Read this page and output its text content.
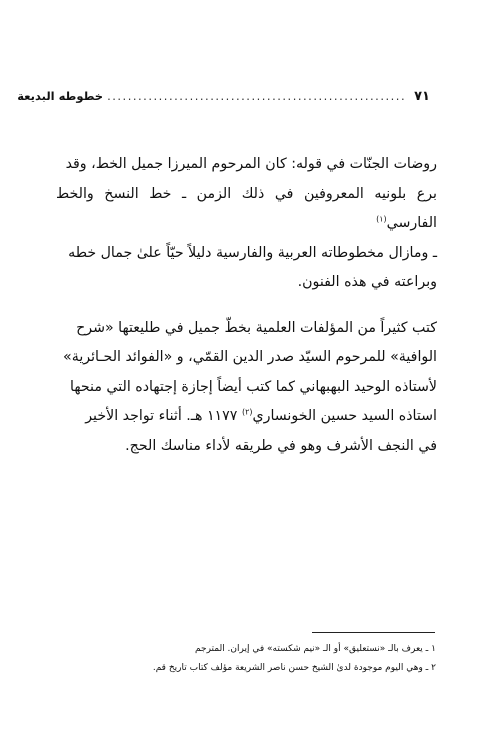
٧١
..........................................................
خطوطه البديعة

روضات الجنّات في قوله: كان المرحوم الميرزا جميل الخط، وقد
برع بلونيه المعروفين في ذلك الزمن ـ خط النسخ والخط الفارسي$^{(١)}$
ـ ومازال مخطوطاته العربية والفارسية دليلاً حيّاً علىٰ جمال خطه
وبراعته في هذه الفنون.

كتب كثيراً من المؤلفات العلمية بخطّ جميل في طليعتها «شرح
الوافية» للمرحوم السيّد صدر الدين القمّي، و «الفوائد الحـائرية»
لأستاذه الوحيد البهبهاني كما كتب أيضاً إجازة إجتهاده التي منحها
استاذه السيد حسين الخونساري$^{(٢)}$ ١١٧٧ هـ. أثناء تواجد الأخير
في النجف الأشرف وهو في طريقه لأداء مناسك الحج.

١ ـ يعرف بالـ «نستعليق» أو الـ «نيم شكسته» في إيران. المترجم
٢ ـ وهي اليوم موجودة لدىٰ الشيخ حسن ناصر الشريعة مؤلف كتاب تاريخ قم.
